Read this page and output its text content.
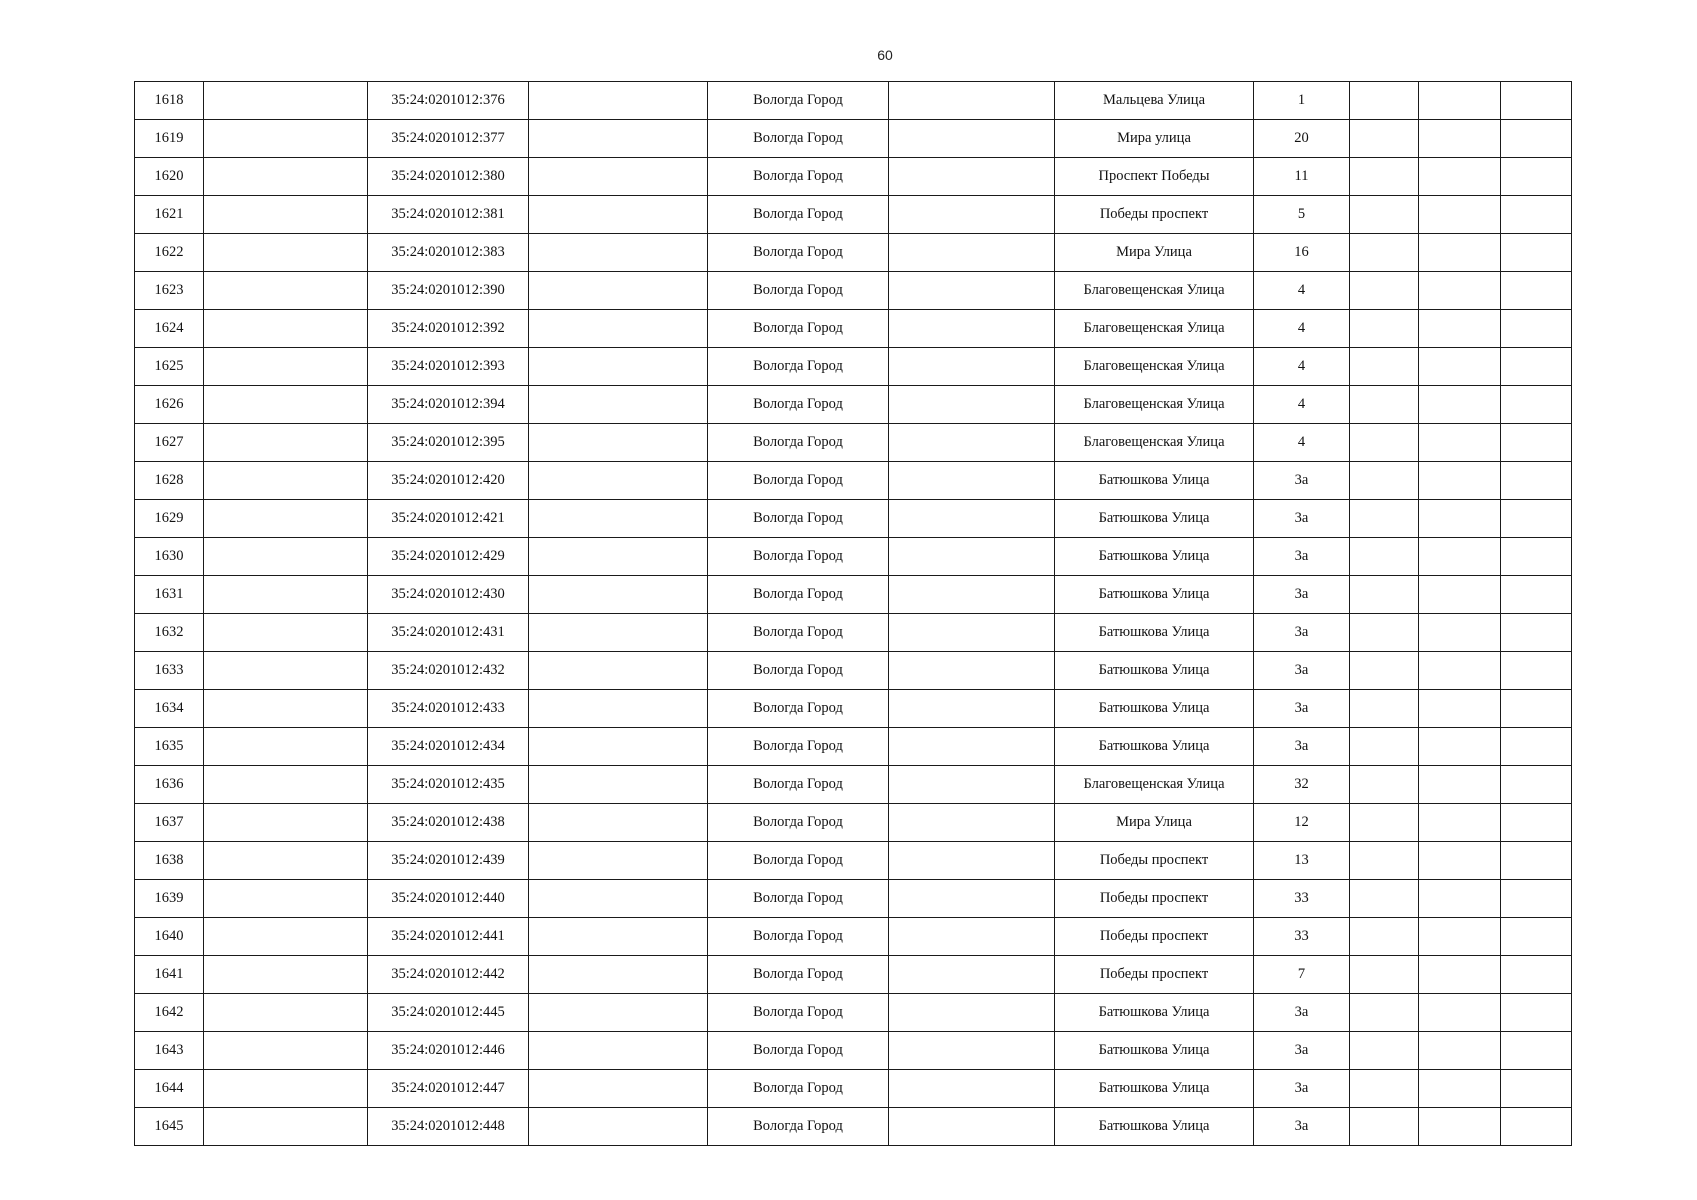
60
1618		35:24:0201012:376		Вологда Город		Мальцева Улица	1			
1619		35:24:0201012:377		Вологда Город		Мира улица	20			
1620		35:24:0201012:380		Вологда Город		Проспект Победы	11			
1621		35:24:0201012:381		Вологда Город		Победы проспект	5			
1622		35:24:0201012:383		Вологда Город		Мира Улица	16			
1623		35:24:0201012:390		Вологда Город		Благовещенская Улица	4			
1624		35:24:0201012:392		Вологда Город		Благовещенская Улица	4			
1625		35:24:0201012:393		Вологда Город		Благовещенская Улица	4			
1626		35:24:0201012:394		Вологда Город		Благовещенская Улица	4			
1627		35:24:0201012:395		Вологда Город		Благовещенская Улица	4			
1628		35:24:0201012:420		Вологда Город		Батюшкова Улица	3а			
1629		35:24:0201012:421		Вологда Город		Батюшкова Улица	3а			
1630		35:24:0201012:429		Вологда Город		Батюшкова Улица	3а			
1631		35:24:0201012:430		Вологда Город		Батюшкова Улица	3а			
1632		35:24:0201012:431		Вологда Город		Батюшкова Улица	3а			
1633		35:24:0201012:432		Вологда Город		Батюшкова Улица	3а			
1634		35:24:0201012:433		Вологда Город		Батюшкова Улица	3а			
1635		35:24:0201012:434		Вологда Город		Батюшкова Улица	3а			
1636		35:24:0201012:435		Вологда Город		Благовещенская Улица	32			
1637		35:24:0201012:438		Вологда Город		Мира Улица	12			
1638		35:24:0201012:439		Вологда Город		Победы проспект	13			
1639		35:24:0201012:440		Вологда Город		Победы проспект	33			
1640		35:24:0201012:441		Вологда Город		Победы проспект	33			
1641		35:24:0201012:442		Вологда Город		Победы проспект	7			
1642		35:24:0201012:445		Вологда Город		Батюшкова Улица	3а			
1643		35:24:0201012:446		Вологда Город		Батюшкова Улица	3а			
1644		35:24:0201012:447		Вологда Город		Батюшкова Улица	3а			
1645		35:24:0201012:448		Вологда Город		Батюшкова Улица	3а			
